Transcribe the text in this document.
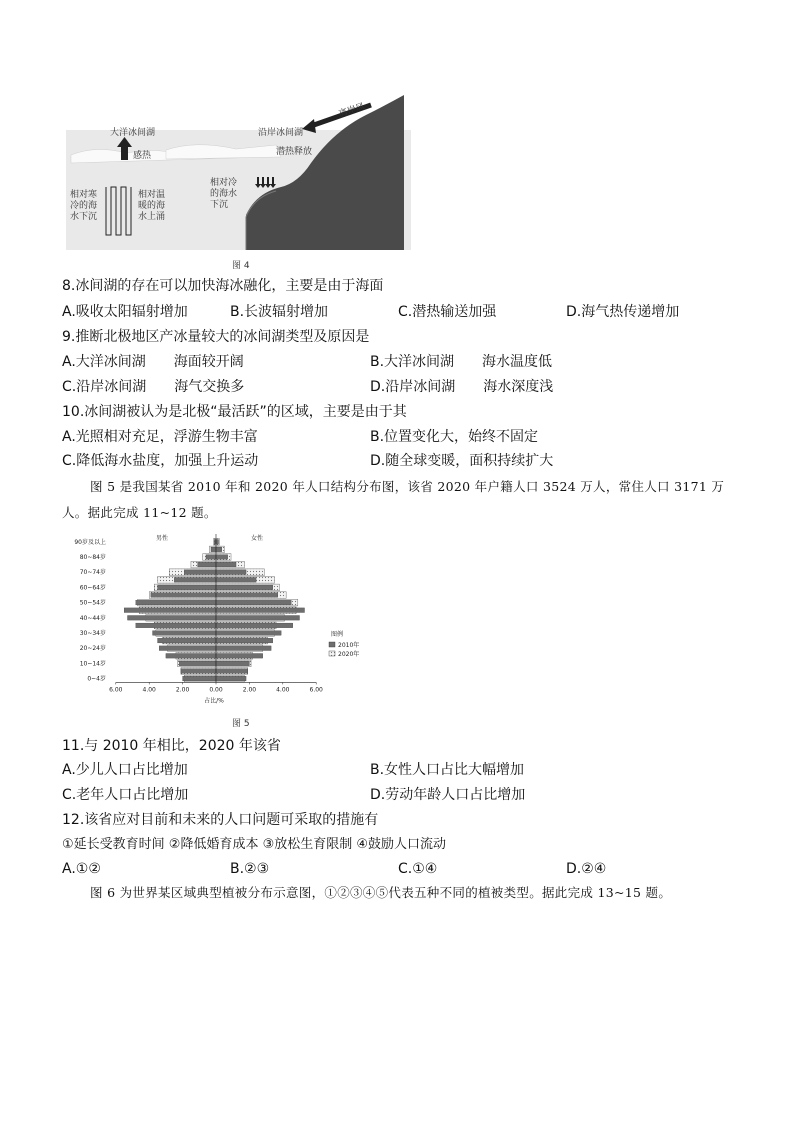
大洋冰间湖	沿岸冰间湖
离岸风
感热	潜热释放
相对寒冷的海水下沉
相对温暖的海水上涌
相对冷的海水下沉
图 4
8.冰间湖的存在可以加快海冰融化，主要是由于海面
A.吸收太阳辐射增加	B.长波辐射增加	C.潜热输送加强	D.海气热传递增加
9.推断北极地区产冰量较大的冰间湖类型及原因是
A.大洋冰间湖　　海面较开阔	B.大洋冰间湖　　海水温度低
C.沿岸冰间湖　　海气交换多	D.沿岸冰间湖　　海水深度浅
10.冰间湖被认为是北极“最活跃”的区域，主要是由于其
A.光照相对充足，浮游生物丰富	B.位置变化大，始终不固定
C.降低海水盐度，加强上升运动	D.随全球变暖，面积持续扩大
图 5 是我国某省 2010 年和 2020 年人口结构分布图，该省 2020 年户籍人口 3524 万人，常住人口 3171 万人。据此完成 11~12 题。
0~4岁
10~14岁
20~24岁
30~34岁
40~44岁
50~54岁
60~64岁
70~74岁
80~84岁
90岁及以上
6.00	4.00	2.00	0.00	2.00	4.00	6.00
占比/%
男性	女性
图例
2010年
2020年
图 5
11.与 2010 年相比，2020 年该省
A.少儿人口占比增加	B.女性人口占比大幅增加
C.老年人口占比增加	D.劳动年龄人口占比增加
12.该省应对目前和未来的人口问题可采取的措施有
①延长受教育时间 ②降低婚育成本 ③放松生育限制 ④鼓励人口流动
A.①②	B.②③	C.①④	D.②④
图 6 为世界某区域典型植被分布示意图，①②③④⑤代表五种不同的植被类型。据此完成 13~15 题。
